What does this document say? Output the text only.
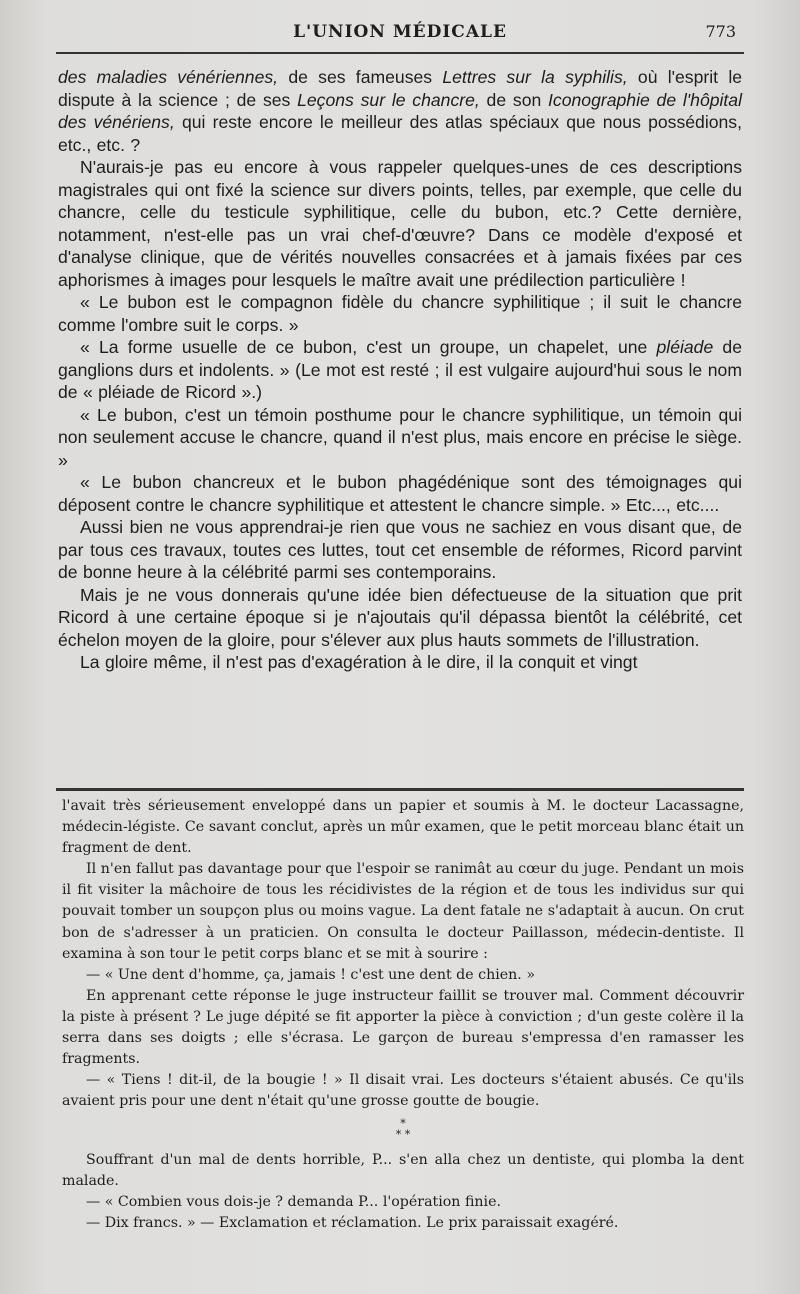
L'UNION MÉDICALE	773

des maladies vénériennes, de ses fameuses Lettres sur la syphilis, où l'esprit le dispute à la science ; de ses Leçons sur le chancre, de son Iconographie de l'hôpital des vénériens, qui reste encore le meilleur des atlas spéciaux que nous possédions, etc., etc. ?

N'aurais-je pas eu encore à vous rappeler quelques-unes de ces descriptions magistrales qui ont fixé la science sur divers points, telles, par exemple, que celle du chancre, celle du testicule syphilitique, celle du bubon, etc.? Cette dernière, notamment, n'est-elle pas un vrai chef-d'œuvre? Dans ce modèle d'exposé et d'analyse clinique, que de vérités nouvelles consacrées et à jamais fixées par ces aphorismes à images pour lesquels le maître avait une prédilection particulière !

« Le bubon est le compagnon fidèle du chancre syphilitique ; il suit le chancre comme l'ombre suit le corps. »

« La forme usuelle de ce bubon, c'est un groupe, un chapelet, une pléiade de ganglions durs et indolents. » (Le mot est resté ; il est vulgaire aujourd'hui sous le nom de « pléiade de Ricord ».)

« Le bubon, c'est un témoin posthume pour le chancre syphilitique, un témoin qui non seulement accuse le chancre, quand il n'est plus, mais encore en précise le siège. »

« Le bubon chancreux et le bubon phagédénique sont des témoignages qui déposent contre le chancre syphilitique et attestent le chancre simple. » Etc..., etc....

Aussi bien ne vous apprendrai-je rien que vous ne sachiez en vous disant que, de par tous ces travaux, toutes ces luttes, tout cet ensemble de réformes, Ricord parvint de bonne heure à la célébrité parmi ses contemporains.

Mais je ne vous donnerais qu'une idée bien défectueuse de la situation que prit Ricord à une certaine époque si je n'ajoutais qu'il dépassa bientôt la célébrité, cet échelon moyen de la gloire, pour s'élever aux plus hauts sommets de l'illustration.

La gloire même, il n'est pas d'exagération à le dire, il la conquit et vingt

l'avait très sérieusement enveloppé dans un papier et soumis à M. le docteur Lacassagne, médecin-légiste. Ce savant conclut, après un mûr examen, que le petit morceau blanc était un fragment de dent.

Il n'en fallut pas davantage pour que l'espoir se ranimât au cœur du juge. Pendant un mois il fit visiter la mâchoire de tous les récidivistes de la région et de tous les individus sur qui pouvait tomber un soupçon plus ou moins vague. La dent fatale ne s'adaptait à aucun. On crut bon de s'adresser à un praticien. On consulta le docteur Paillasson, médecin-dentiste. Il examina à son tour le petit corps blanc et se mit à sourire :

— « Une dent d'homme, ça, jamais ! c'est une dent de chien. »

En apprenant cette réponse le juge instructeur faillit se trouver mal. Comment découvrir la piste à présent ? Le juge dépité se fit apporter la pièce à conviction ; d'un geste colère il la serra dans ses doigts ; elle s'écrasa. Le garçon de bureau s'empressa d'en ramasser les fragments.

— « Tiens ! dit-il, de la bougie ! » Il disait vrai. Les docteurs s'étaient abusés. Ce qu'ils avaient pris pour une dent n'était qu'une grosse goutte de bougie.

*
* *

Souffrant d'un mal de dents horrible, P... s'en alla chez un dentiste, qui plomba la dent malade.

— « Combien vous dois-je ? demanda P... l'opération finie.

— Dix francs. » — Exclamation et réclamation. Le prix paraissait exagéré.
